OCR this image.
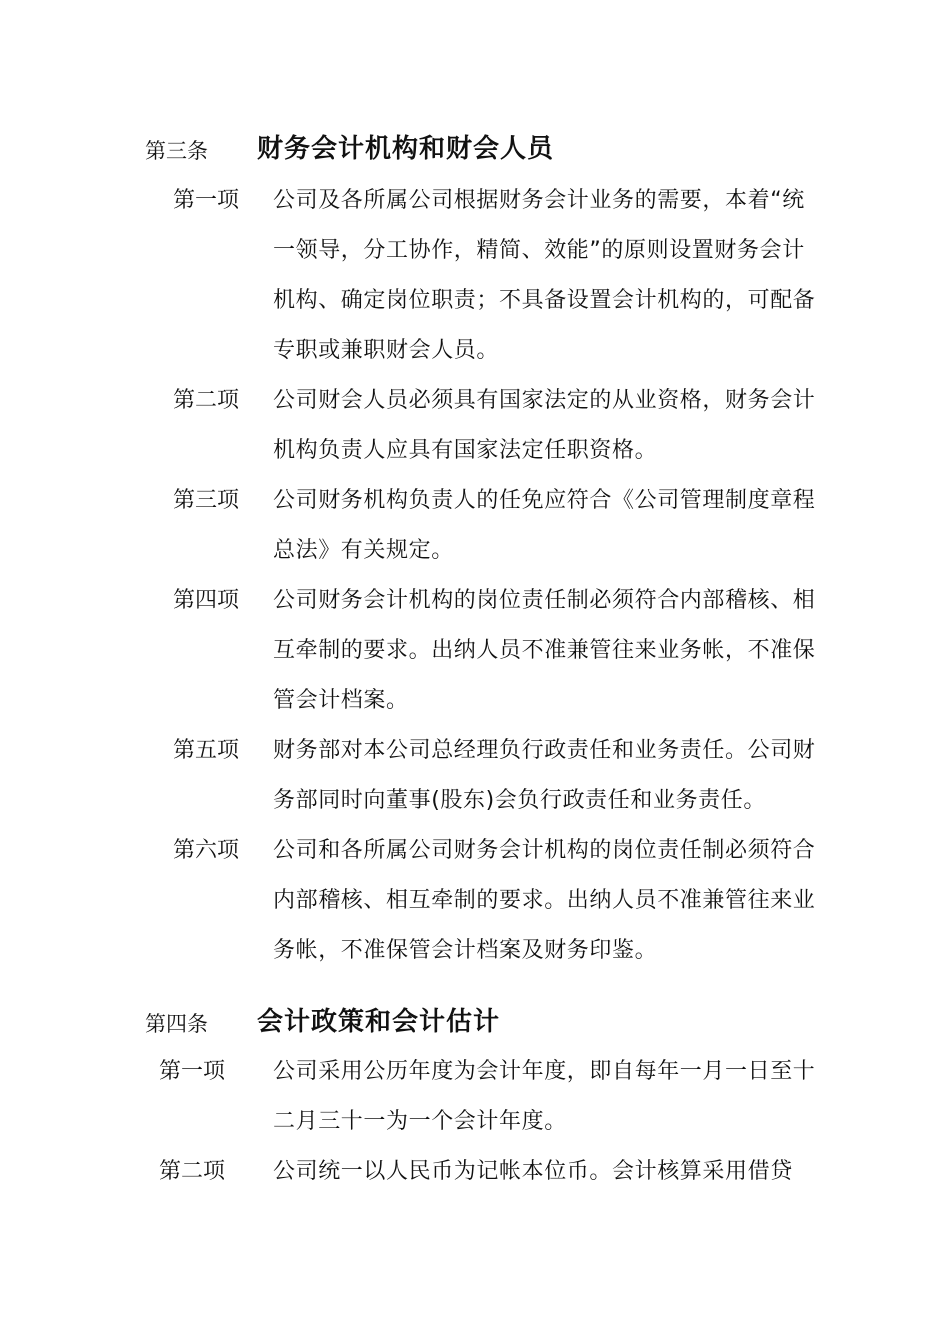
第三条 财务会计机构和财会人员
第一项 公司及各所属公司根据财务会计业务的需要，本着“统一领导，分工协作，精简、效能”的原则设置财务会计机构、确定岗位职责；不具备设置会计机构的，可配备专职或兼职财会人员。
第二项 公司财会人员必须具有国家法定的从业资格，财务会计机构负责人应具有国家法定任职资格。
第三项 公司财务机构负责人的任免应符合《公司管理制度章程总法》有关规定。
第四项 公司财务会计机构的岗位责任制必须符合内部稽核、相互牵制的要求。出纳人员不准兼管往来业务帐，不准保管会计档案。
第五项 财务部对本公司总经理负行政责任和业务责任。公司财务部同时向董事(股东)会负行政责任和业务责任。
第六项 公司和各所属公司财务会计机构的岗位责任制必须符合内部稽核、相互牵制的要求。出纳人员不准兼管往来业务帐，不准保管会计档案及财务印鉴。
第四条 会计政策和会计估计
第一项 公司采用公历年度为会计年度，即自每年一月一日至十二月三十一为一个会计年度。
第二项 公司统一以人民币为记帐本位币。会计核算采用借贷
